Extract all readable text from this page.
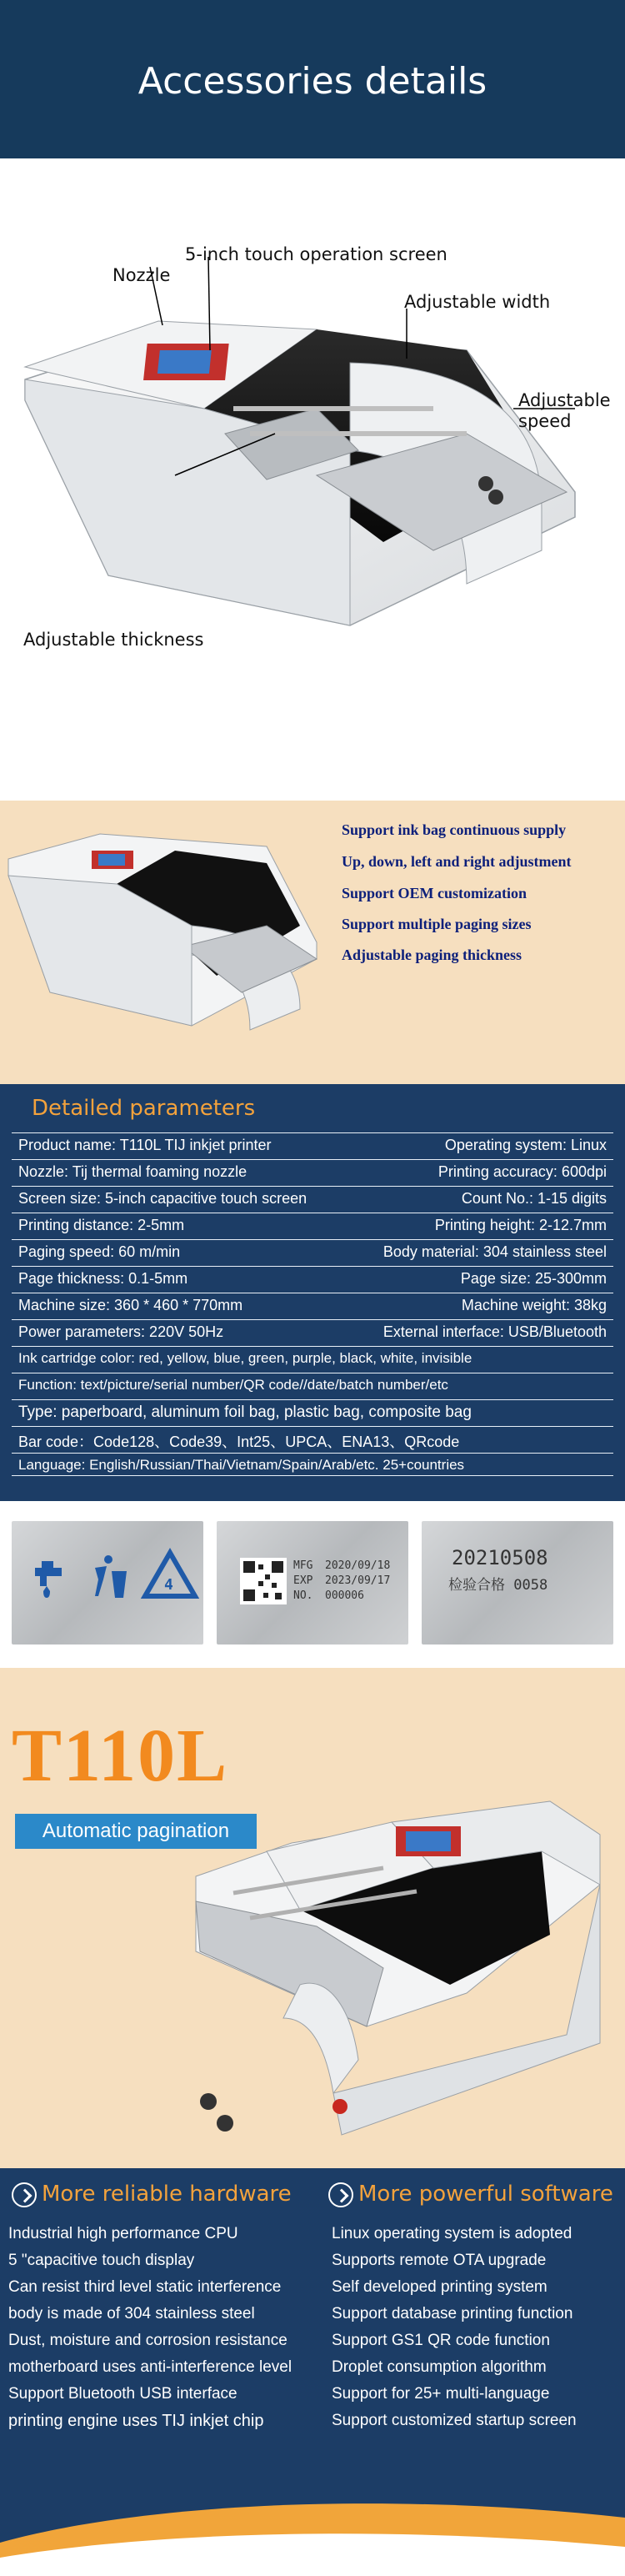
Accessories details
Nozzle
5-inch touch operation screen
Adjustable width
Adjustable
speed
Adjustable thickness
Support ink bag continuous supply
Up, down, left and right adjustment
Support OEM customization
Support multiple paging sizes
Adjustable paging thickness
Detailed parameters
Product name: T110L TIJ inkjet printer	Operating system: Linux
Nozzle: Tij thermal foaming nozzle	Printing accuracy: 600dpi
Screen size: 5-inch capacitive touch screen	Count No.: 1-15 digits
Printing distance: 2-5mm	Printing height: 2-12.7mm
Paging speed: 60 m/min	Body material: 304 stainless steel
Page thickness: 0.1-5mm	Page size: 25-300mm
Machine size: 360 * 460 * 770mm	Machine weight: 38kg
Power parameters: 220V 50Hz	External interface: USB/Bluetooth
Ink cartridge color: red, yellow, blue, green, purple, black, white, invisible
Function: text/picture/serial number/QR code//date/batch number/etc
Type: paperboard, aluminum foil bag, plastic bag, composite bag
Bar code：Code128、Code39、Int25、UPCA、ENA13、QRcode
Language: English/Russian/Thai/Vietnam/Spain/Arab/etc. 25+countries
4
MFG 2020/09/18
EXP 2023/09/17
NO. 000006
20210508
检验合格 0058
T110L
Automatic pagination
More reliable hardware	More powerful software
Industrial high performance CPU
5 "capacitive touch display
Can resist third level static interference
body is made of 304 stainless steel
Dust, moisture and corrosion resistance
motherboard uses anti-interference level
Support Bluetooth USB interface
printing engine uses TIJ inkjet chip
Linux operating system is adopted
Supports remote OTA upgrade
Self developed printing system
Support database printing function
Support GS1 QR code function
Droplet consumption algorithm
Support for 25+ multi-language
Support customized startup screen
